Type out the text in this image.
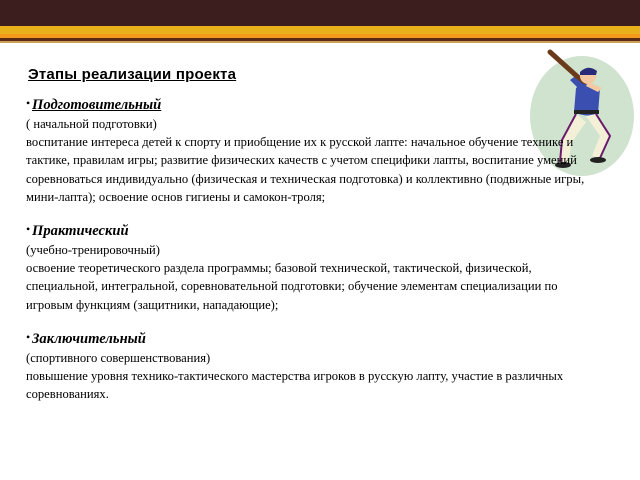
Этапы реализации проекта
• Подготовительный
( начальной подготовки)
воспитание интереса детей к спорту и приобщение их к русской лапте: начальное обучение технике и тактике, правилам игры; развитие физических качеств с учетом специфики лапты, воспитание умений соревноваться индивидуально (физическая и техническая подготовка) и коллективно (подвижные игры, мини-лапта); освоение основ гигиены и самокон-троля;
• Практический
(учебно-тренировочный)
освоение теоретического раздела программы; базовой технической, тактической, физической, специальной, интегральной, соревновательной подготовки; обучение элементам специализации по игровым функциям (защитники, нападающие);
• Заключительный
(спортивного совершенствования)
повышение уровня технико-тактического мастерства игроков в русскую лапту, участие в различных соревнованиях.
